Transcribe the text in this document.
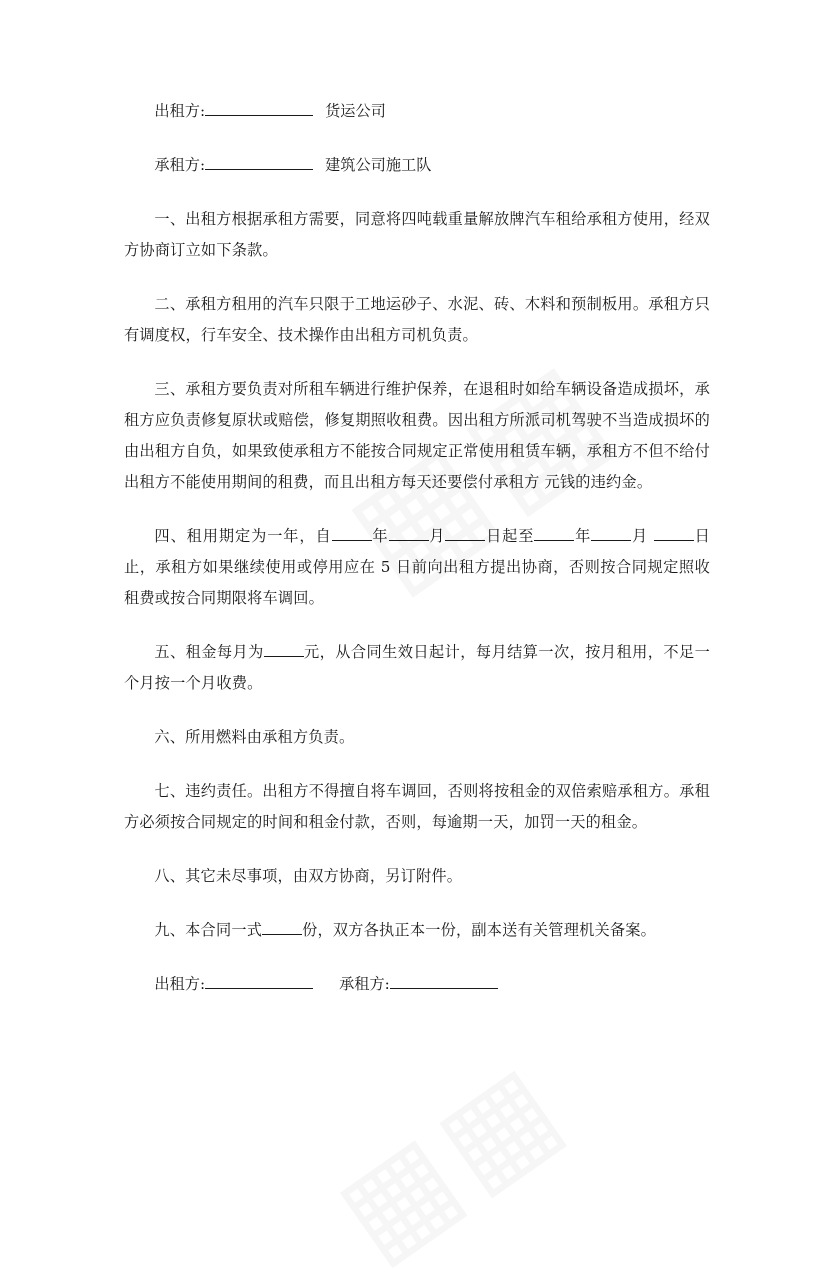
出租方:	货运公司
承租方:	建筑公司施工队

一、出租方根据承租方需要，同意将四吨载重量解放牌汽车租给承租方使用，经双方协商订立如下条款。

二、承租方租用的汽车只限于工地运砂子、水泥、砖、木料和预制板用。承租方只有调度权，行车安全、技术操作由出租方司机负责。

三、承租方要负责对所租车辆进行维护保养，在退租时如给车辆设备造成损坏，承租方应负责修复原状或赔偿，修复期照收租费。因出租方所派司机驾驶不当造成损坏的由出租方自负，如果致使承租方不能按合同规定正常使用租赁车辆，承租方不但不给付出租方不能使用期间的租费，而且出租方每天还要偿付承租方 元钱的违约金。

四、租用期定为一年，自	年	月	日起至	年	月	日止，承租方如果继续使用或停用应在 5 日前向出租方提出协商，否则按合同规定照收租费或按合同期限将车调回。

五、租金每月为	元，从合同生效日起计，每月结算一次，按月租用，不足一个月按一个月收费。

六、所用燃料由承租方负责。

七、违约责任。出租方不得擅自将车调回，否则将按租金的双倍索赔承租方。承租方必须按合同规定的时间和租金付款，否则，每逾期一天，加罚一天的租金。

八、其它未尽事项，由双方协商，另订附件。

九、本合同一式	份，双方各执正本一份，副本送有关管理机关备案。

出租方:	承租方:
